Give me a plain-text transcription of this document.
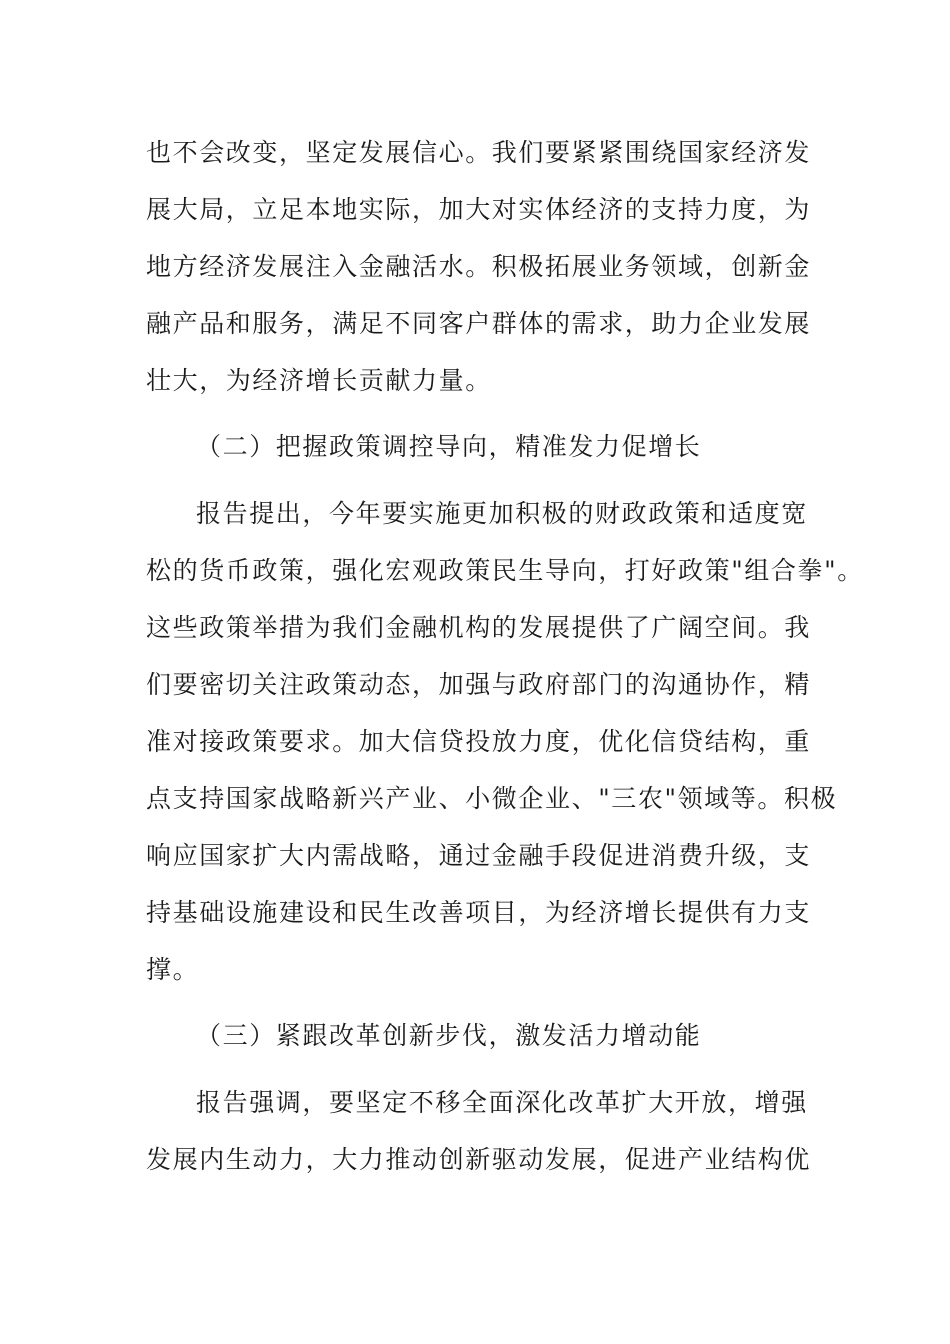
也不会改变，坚定发展信心。我们要紧紧围绕国家经济发
展大局，立足本地实际，加大对实体经济的支持力度，为
地方经济发展注入金融活水。积极拓展业务领域，创新金
融产品和服务，满足不同客户群体的需求，助力企业发展
壮大，为经济增长贡献力量。
（二）把握政策调控导向，精准发力促增长
报告提出，今年要实施更加积极的财政政策和适度宽
松的货币政策，强化宏观政策民生导向，打好政策"组合拳"。
这些政策举措为我们金融机构的发展提供了广阔空间。我
们要密切关注政策动态，加强与政府部门的沟通协作，精
准对接政策要求。加大信贷投放力度，优化信贷结构，重
点支持国家战略新兴产业、小微企业、"三农"领域等。积极
响应国家扩大内需战略，通过金融手段促进消费升级，支
持基础设施建设和民生改善项目，为经济增长提供有力支
撑。
（三）紧跟改革创新步伐，激发活力增动能
报告强调，要坚定不移全面深化改革扩大开放，增强
发展内生动力，大力推动创新驱动发展，促进产业结构优
